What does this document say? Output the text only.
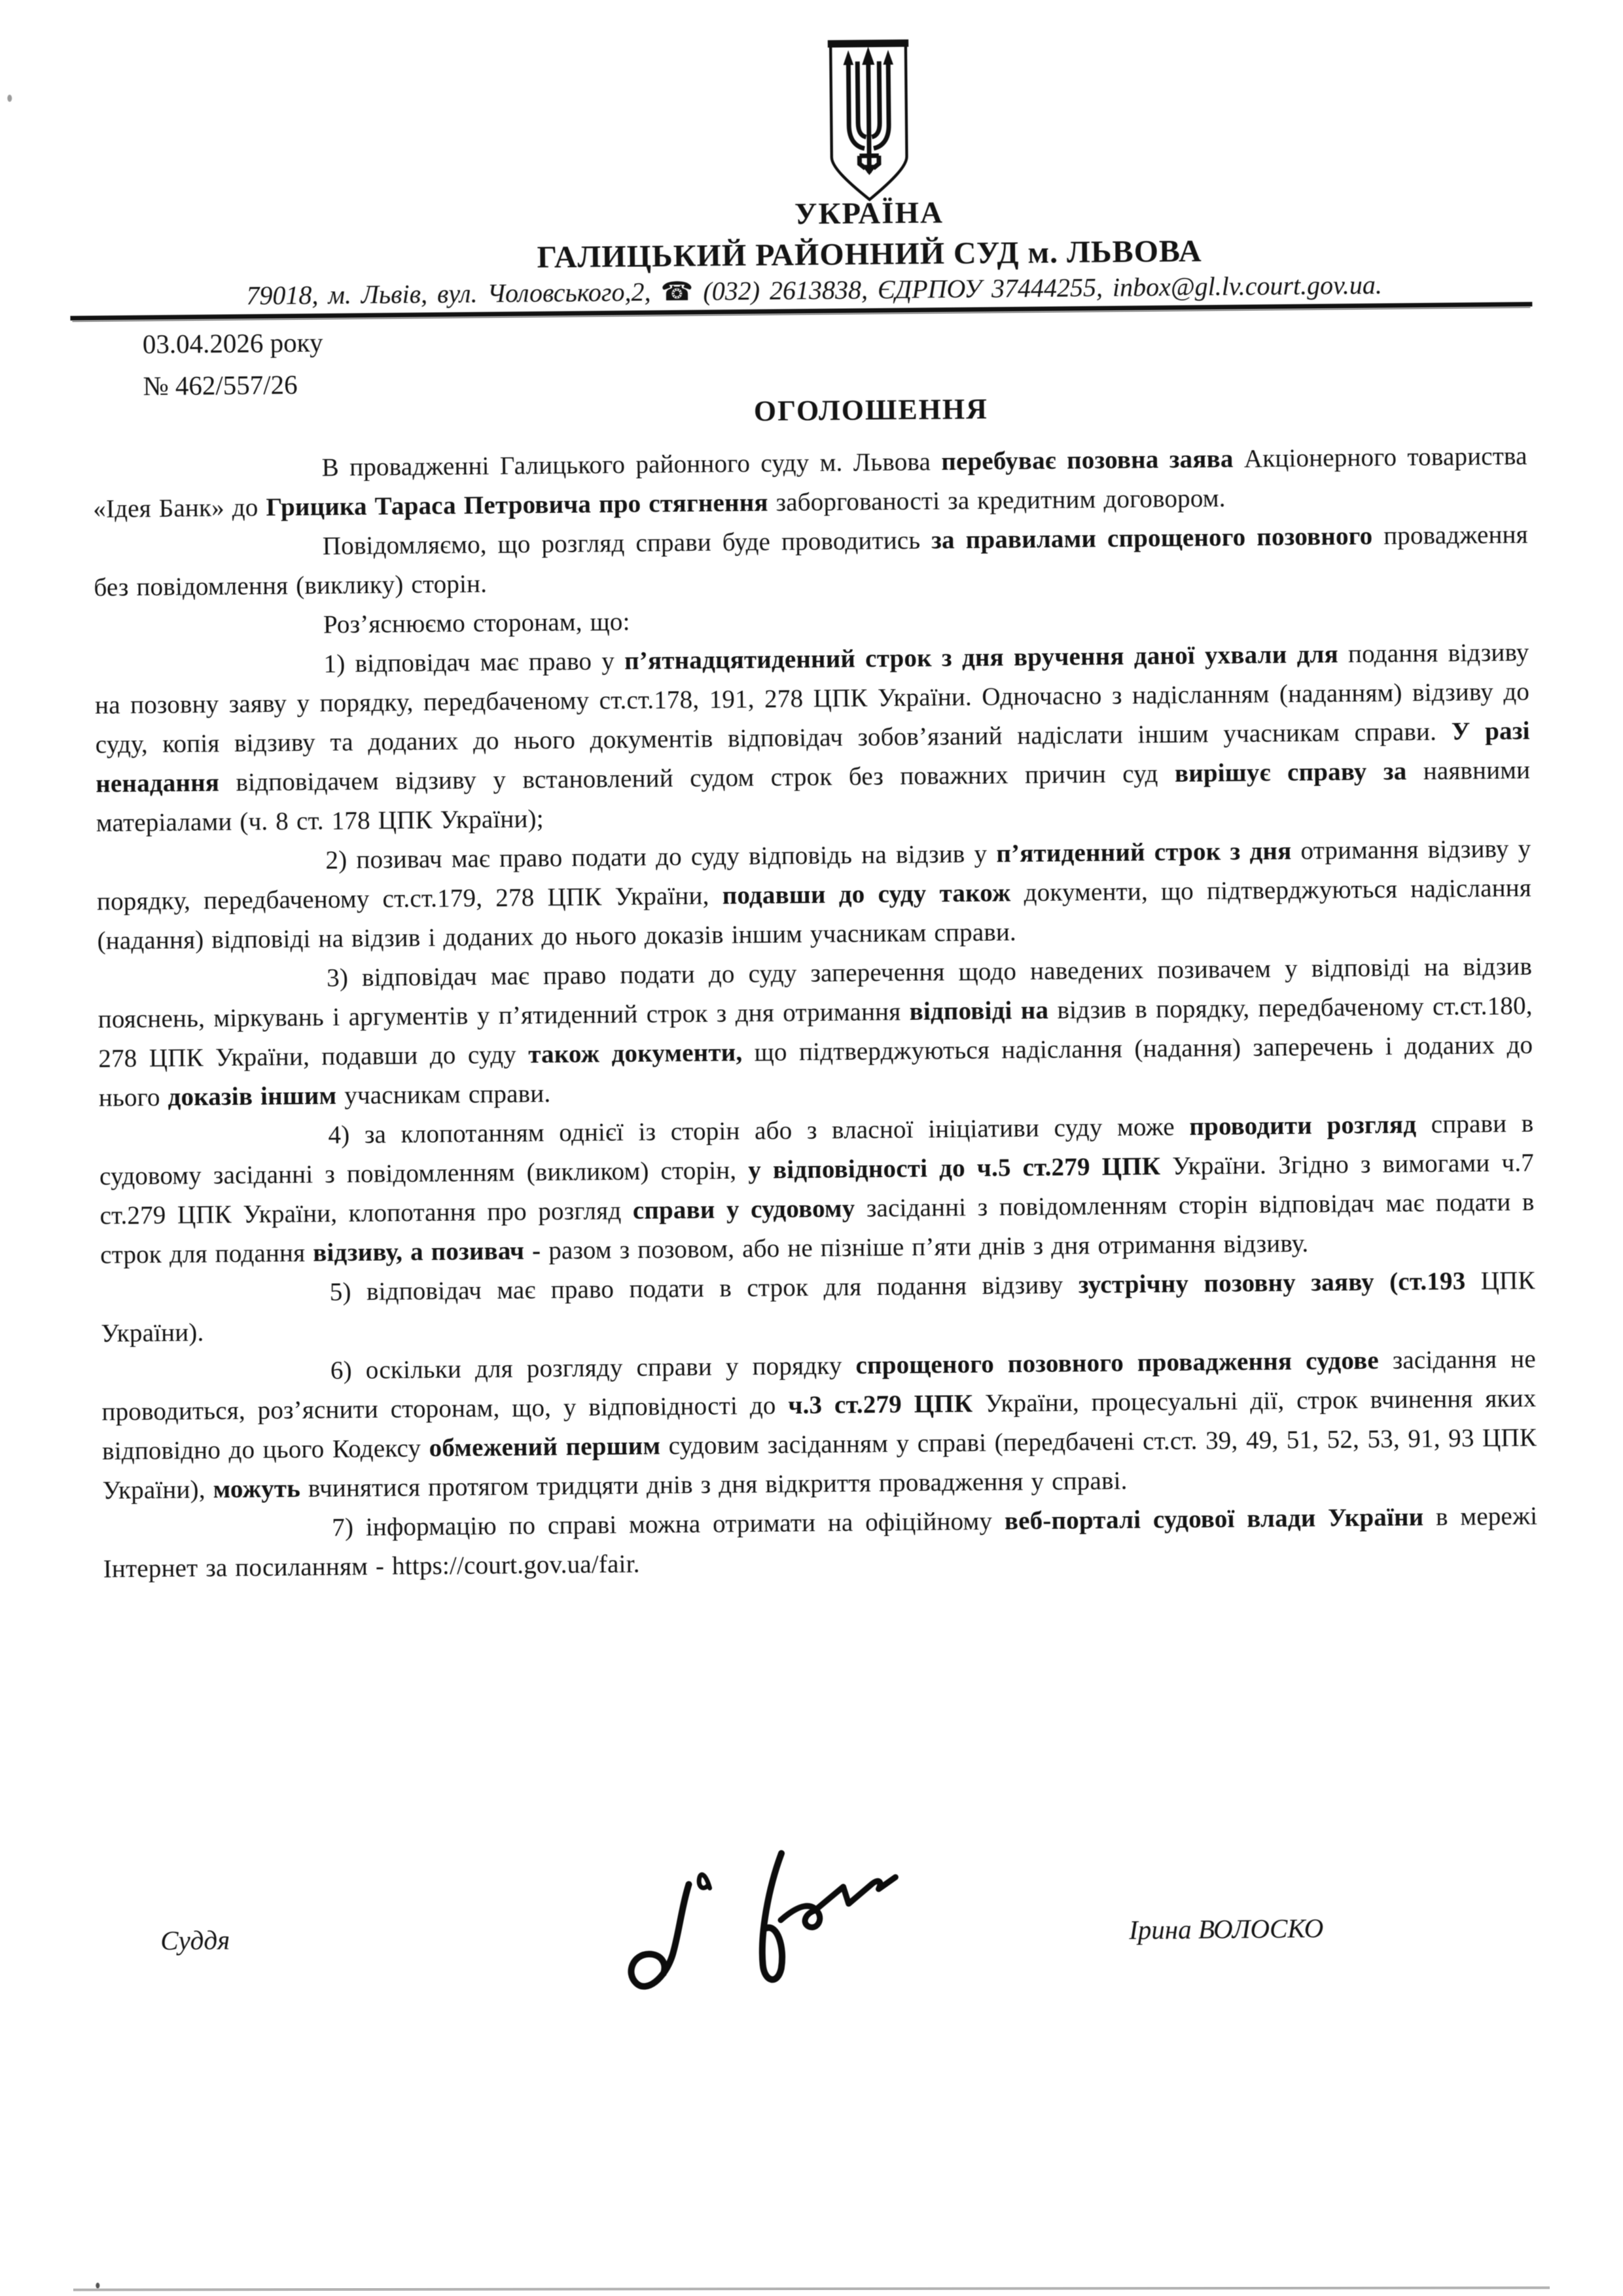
УКРАЇНА
ГАЛИЦЬКИЙ РАЙОННИЙ СУД м. ЛЬВОВА
79018, м. Львів, вул. Чоловського,2, ☎ (032) 2613838, ЄДРПОУ 37444255, inbox@gl.lv.court.gov.ua.
03.04.2026 року
№ 462/557/26
ОГОЛОШЕННЯ

В провадженні Галицького районного суду м. Львова перебуває позовна заява Акціонерного товариства «Ідея Банк» до Грицика Тараса Петровича про стягнення заборгованості за кредитним договором.

Повідомляємо, що розгляд справи буде проводитись за правилами спрощеного позовного провадження без повідомлення (виклику) сторін.

Роз’яснюємо сторонам, що:

1) відповідач має право у п’ятнадцятиденний строк з дня вручення даної ухвали для подання відзиву на позовну заяву у порядку, передбаченому ст.ст.178, 191, 278 ЦПК України. Одночасно з надісланням (наданням) відзиву до суду, копія відзиву та доданих до нього документів відповідач зобов’язаний надіслати іншим учасникам справи. У разі ненадання відповідачем відзиву у встановлений судом строк без поважних причин суд вирішує справу за наявними матеріалами (ч. 8 ст. 178 ЦПК України);

2) позивач має право подати до суду відповідь на відзив у п’ятиденний строк з дня отримання відзиву у порядку, передбаченому ст.ст.179, 278 ЦПК України, подавши до суду також документи, що підтверджуються надіслання (надання) відповіді на відзив і доданих до нього доказів іншим учасникам справи.

3) відповідач має право подати до суду заперечення щодо наведених позивачем у відповіді на відзив пояснень, міркувань і аргументів у п’ятиденний строк з дня отримання відповіді на відзив в порядку, передбаченому ст.ст.180, 278 ЦПК України, подавши до суду також документи, що підтверджуються надіслання (надання) заперечень і доданих до нього доказів іншим учасникам справи.

4) за клопотанням однієї із сторін або з власної ініціативи суду може проводити розгляд справи в судовому засіданні з повідомленням (викликом) сторін, у відповідності до ч.5 ст.279 ЦПК України. Згідно з вимогами ч.7 ст.279 ЦПК України, клопотання про розгляд справи у судовому засіданні з повідомленням сторін відповідач має подати в строк для подання відзиву, а позивач - разом з позовом, або не пізніше п’яти днів з дня отримання відзиву.

5) відповідач має право подати в строк для подання відзиву зустрічну позовну заяву (ст.193 ЦПК України).

6) оскільки для розгляду справи у порядку спрощеного позовного провадження судове засідання не проводиться, роз’яснити сторонам, що, у відповідності до ч.3 ст.279 ЦПК України, процесуальні дії, строк вчинення яких відповідно до цього Кодексу обмежений першим судовим засіданням у справі (передбачені ст.ст. 39, 49, 51, 52, 53, 91, 93 ЦПК України), можуть вчинятися протягом тридцяти днів з дня відкриття провадження у справі.

7) інформацію по справі можна отримати на офіційному веб-порталі судової влади України в мережі Інтернет за посиланням - https://court.gov.ua/fair.

Суддя	Ірина ВОЛОСКО
